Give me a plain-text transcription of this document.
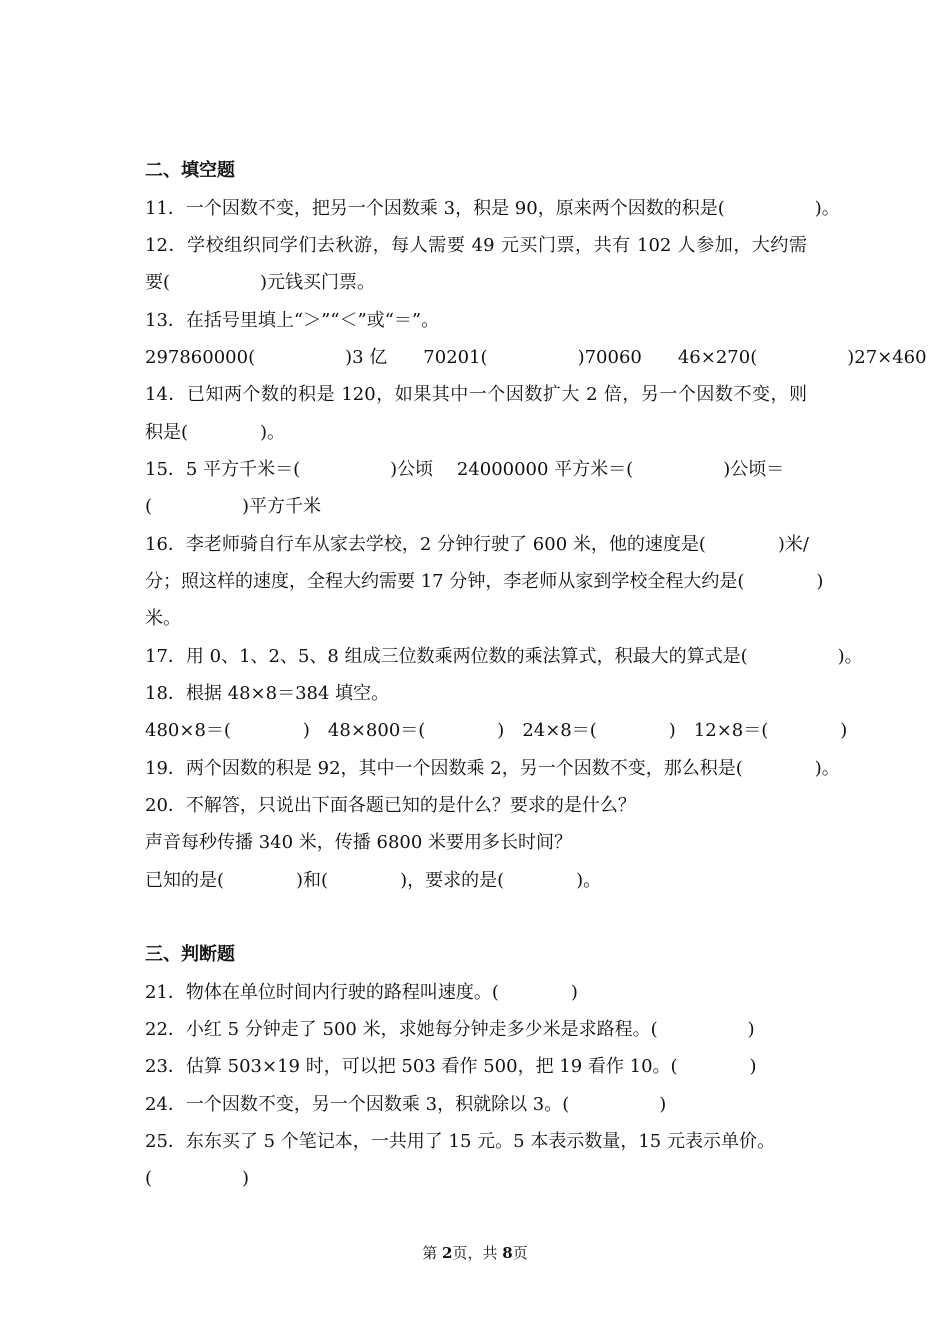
二、填空题
11．一个因数不变，把另一个因数乘 3，积是 90，原来两个因数的积是(　　　　　)。
12．学校组织同学们去秋游，每人需要 49 元买门票，共有 102 人参加，大约需
要(　　　　　)元钱买门票。
13．在括号里填上“＞”“＜”或“＝”。
297860000(　　　　　)3 亿　　70201(　　　　　)70060　　46×270(　　　　　)27×460
14．已知两个数的积是 120，如果其中一个因数扩大 2 倍，另一个因数不变，则
积是(　　　　)。
15．5 平方千米＝(　　　　　)公顷　 24000000 平方米＝(　　　　　)公顷＝
(　　　　　)平方千米
16．李老师骑自行车从家去学校，2 分钟行驶了 600 米，他的速度是(　　　　)米/
分；照这样的速度，全程大约需要 17 分钟，李老师从家到学校全程大约是(　　　　)
米。
17．用 0、1、2、5、8 组成三位数乘两位数的乘法算式，积最大的算式是(　　　　　)。
18．根据 48×8＝384 填空。
480×8＝(　　　　)　48×800＝(　　　　)　24×8＝(　　　　)　12×8＝(　　　　)
19．两个因数的积是 92，其中一个因数乘 2，另一个因数不变，那么积是(　　　　)。
20．不解答，只说出下面各题已知的是什么？要求的是什么？
声音每秒传播 340 米，传播 6800 米要用多长时间？
已知的是(　　　　)和(　　　　)，要求的是(　　　　)。
三、判断题
21．物体在单位时间内行驶的路程叫速度。(　　　　)
22．小红 5 分钟走了 500 米，求她每分钟走多少米是求路程。(　　　　　)
23．估算 503×19 时，可以把 503 看作 500，把 19 看作 10。(　　　　)
24．一个因数不变，另一个因数乘 3，积就除以 3。(　　　　　)
25．东东买了 5 个笔记本，一共用了 15 元。5 本表示数量，15 元表示单价。
(　　　　　)
第 2页，共 8页
